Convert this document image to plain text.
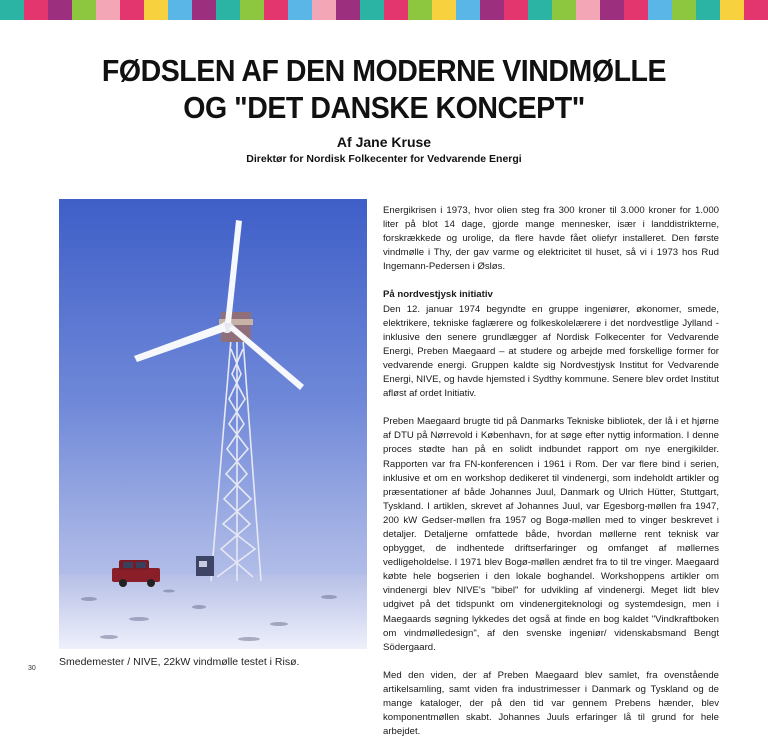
FØDSLEN AF DEN MODERNE VINDMØLLE
OG "DET DANSKE KONCEPT"
Af Jane Kruse
Direktør for Nordisk Folkecenter for Vedvarende Energi
Smedemester / NIVE, 22kW vindmølle testet i Risø.
30

Energikrisen i 1973, hvor olien steg fra 300 kroner til 3.000 kroner for 1.000 liter på blot 14 dage, gjorde mange mennesker, især i landdistrikterne, forskrækkede og urolige, da flere havde fået oliefyr installeret. Den første vindmølle i Thy, der gav varme og elektricitet til huset, så vi i 1973 hos Rud Ingemann-Pedersen i Øsløs.

På nordvestjysk initiativ

Den 12. januar 1974 begyndte en gruppe ingeniører, økonomer, smede, elektrikere, tekniske faglærere og folkeskolelærere i det nordvestlige Jylland - inklusive den senere grundlægger af Nordisk Folkecenter for Vedvarende Energi, Preben Maegaard – at studere og arbejde med forskellige former for vedvarende energi. Gruppen kaldte sig Nordvestjysk Institut for Vedvarende Energi, NIVE, og havde hjemsted i Sydthy kommune. Senere blev ordet Institut afløst af ordet Initiativ.

Preben Maegaard brugte tid på Danmarks Tekniske bibliotek, der lå i et hjørne af DTU på Nørrevold i København, for at søge efter nyttig information. I denne proces stødte han på en solidt indbundet rapport om nye energikilder. Rapporten var fra FN-konferencen i 1961 i Rom. Der var flere bind i serien, inklusive et om en workshop dedikeret til vindenergi, som indeholdt artikler og præsentationer af både Johannes Juul, Danmark og Ulrich Hütter, Stuttgart, Tyskland. I artiklen, skrevet af Johannes Juul, var Egesborg-møllen fra 1947, 200 kW Gedser-møllen fra 1957 og Bogø-møllen med to vinger beskrevet i detaljer. Detaljerne omfattede både, hvordan møllerne rent teknisk var opbygget, de indhentede driftserfaringer og omfanget af møllernes vedligeholdelse. I 1971 blev Bogø-møllen ændret fra to til tre vinger. Maegaard købte hele bogserien i den lokale boghandel. Workshoppens artikler om vindenergi blev NIVE's "bibel" for udvikling af vindenergi. Meget lidt blev udgivet på det tidspunkt om vindenergiteknologi og systemdesign, men i Maegaards søgning lykkedes det også at finde en bog kaldet "Vindkraftboken om vindmølledesign", af den svenske ingeniør/ videnskabsmand Bengt Södergaard.

Med den viden, der af Preben Maegaard blev samlet, fra ovenstående artikelsamling, samt viden fra industrimesser i Danmark og Tyskland og de mange kataloger, der på den tid var gennem Prebens hænder, blev komponentmøllen skabt. Johannes Juuls erfaringer lå til grund for hele arbejdet.
